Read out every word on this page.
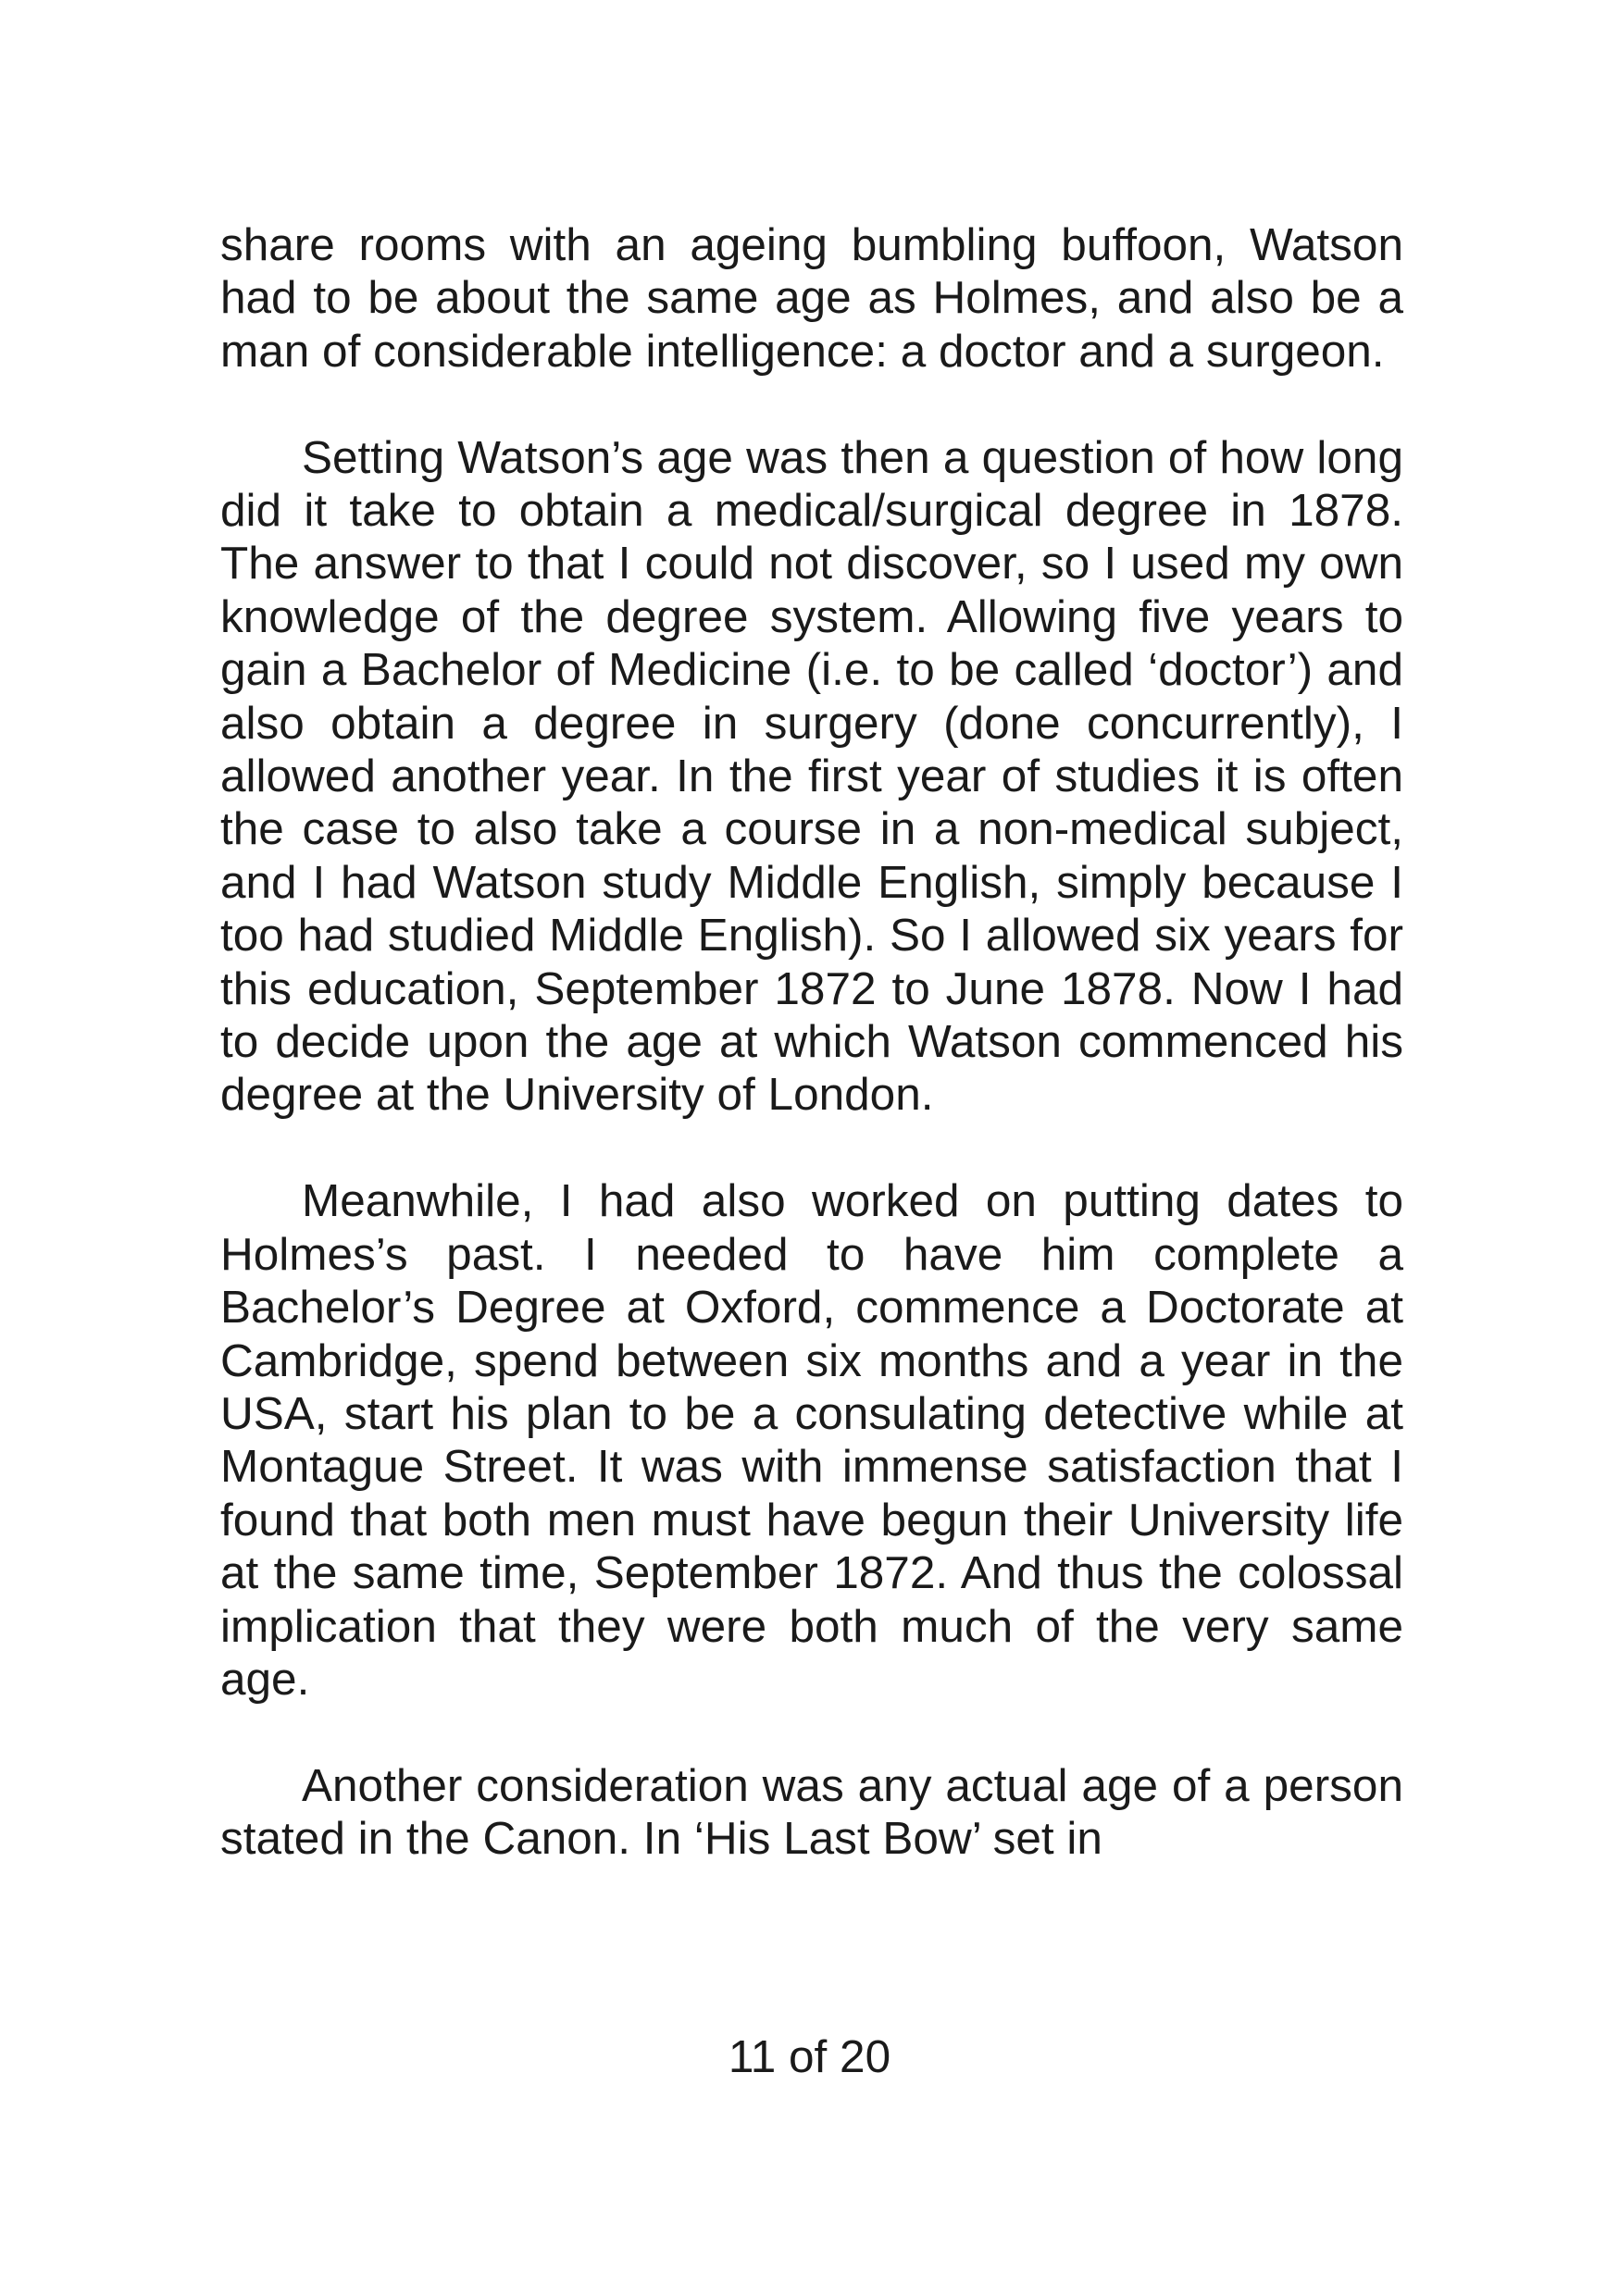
share rooms with an ageing bumbling buffoon, Watson had to be about the same age as Holmes, and also be a man of considerable intelligence: a doctor and a surgeon.

Setting Watson’s age was then a question of how long did it take to obtain a medical/surgical degree in 1878. The answer to that I could not discover, so I used my own knowledge of the degree system. Allowing five years to gain a Bachelor of Medicine (i.e. to be called ‘doctor’) and also obtain a degree in surgery (done concurrently), I allowed another year. In the first year of studies it is often the case to also take a course in a non-medical subject, and I had Watson study Middle English, simply because I too had studied Middle English). So I allowed six years for this education, September 1872 to June 1878. Now I had to decide upon the age at which Watson commenced his degree at the University of London.

Meanwhile, I had also worked on putting dates to Holmes’s past. I needed to have him complete a Bachelor’s Degree at Oxford, commence a Doctorate at Cambridge, spend between six months and a year in the USA, start his plan to be a consulating detective while at Montague Street. It was with immense satisfaction that I found that both men must have begun their University life at the same time, September 1872. And thus the colossal implication that they were both much of the very same age.

Another consideration was any actual age of a person stated in the Canon. In ‘His Last Bow’ set in

11 of 20
